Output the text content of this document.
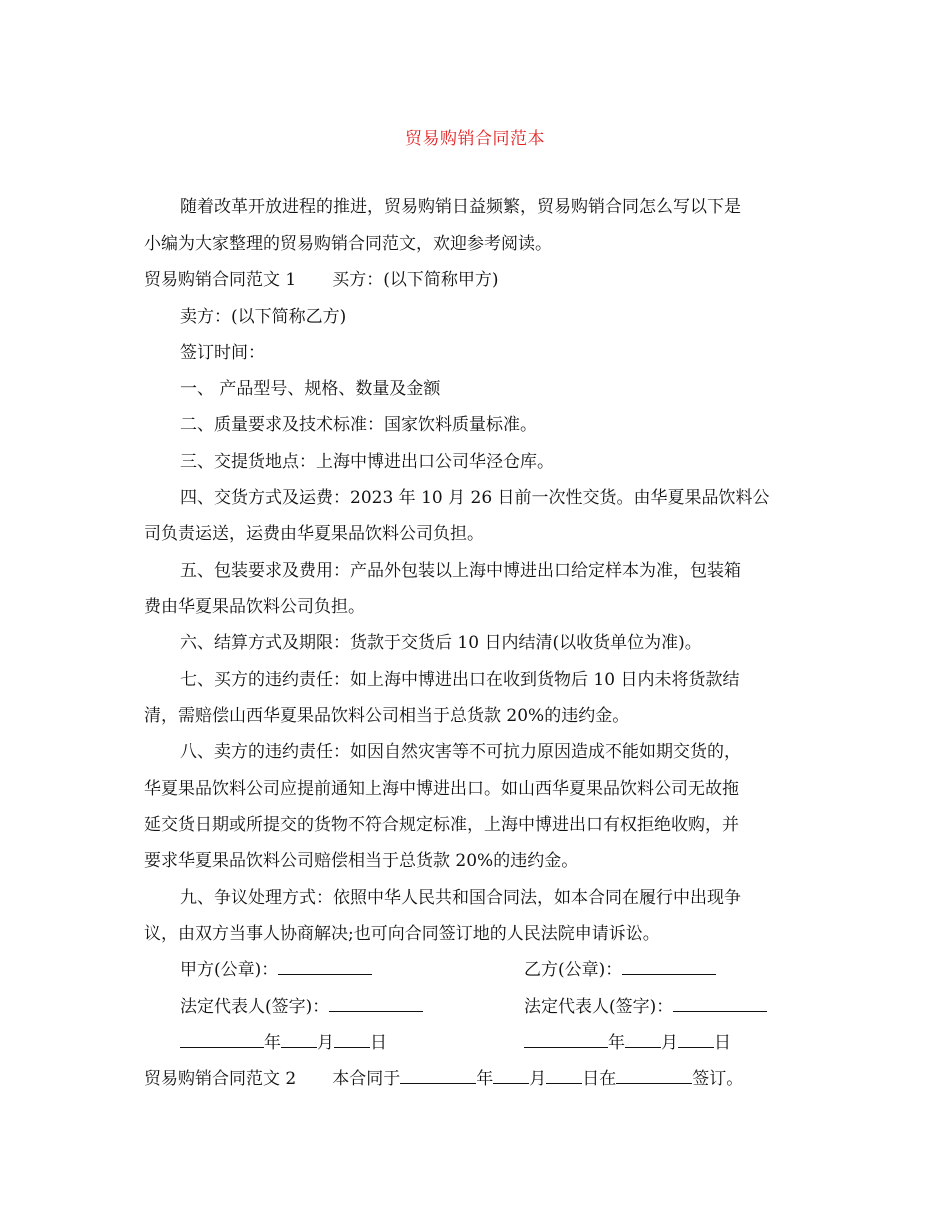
贸易购销合同范本
随着改革开放进程的推进，贸易购销日益频繁，贸易购销合同怎么写以下是
小编为大家整理的贸易购销合同范文，欢迎参考阅读。
贸易购销合同范文 1 买方：(以下简称甲方)
卖方：(以下简称乙方)
签订时间：
一、 产品型号、规格、数量及金额
二、质量要求及技术标准：国家饮料质量标准。
三、交提货地点：上海中博进出口公司华泾仓库。
四、交货方式及运费：2023 年 10 月 26 日前一次性交货。由华夏果品饮料公
司负责运送，运费由华夏果品饮料公司负担。
五、包装要求及费用：产品外包装以上海中博进出口给定样本为准，包装箱
费由华夏果品饮料公司负担。
六、结算方式及期限：货款于交货后 10 日内结清(以收货单位为准)。
七、买方的违约责任：如上海中博进出口在收到货物后 10 日内未将货款结
清，需赔偿山西华夏果品饮料公司相当于总货款 20%的违约金。
八、卖方的违约责任：如因自然灾害等不可抗力原因造成不能如期交货的，
华夏果品饮料公司应提前通知上海中博进出口。如山西华夏果品饮料公司无故拖
延交货日期或所提交的货物不符合规定标准，上海中博进出口有权拒绝收购，并
要求华夏果品饮料公司赔偿相当于总货款 20%的违约金。
九、争议处理方式：依照中华人民共和国合同法，如本合同在履行中出现争
议，由双方当事人协商解决;也可向合同签订地的人民法院申请诉讼。
甲方(公章)：	乙方(公章)：
法定代表人(签字)：	法定代表人(签字)：
年 月 日	年 月 日
贸易购销合同范文 2 本合同于	年 月 日在	签订。
